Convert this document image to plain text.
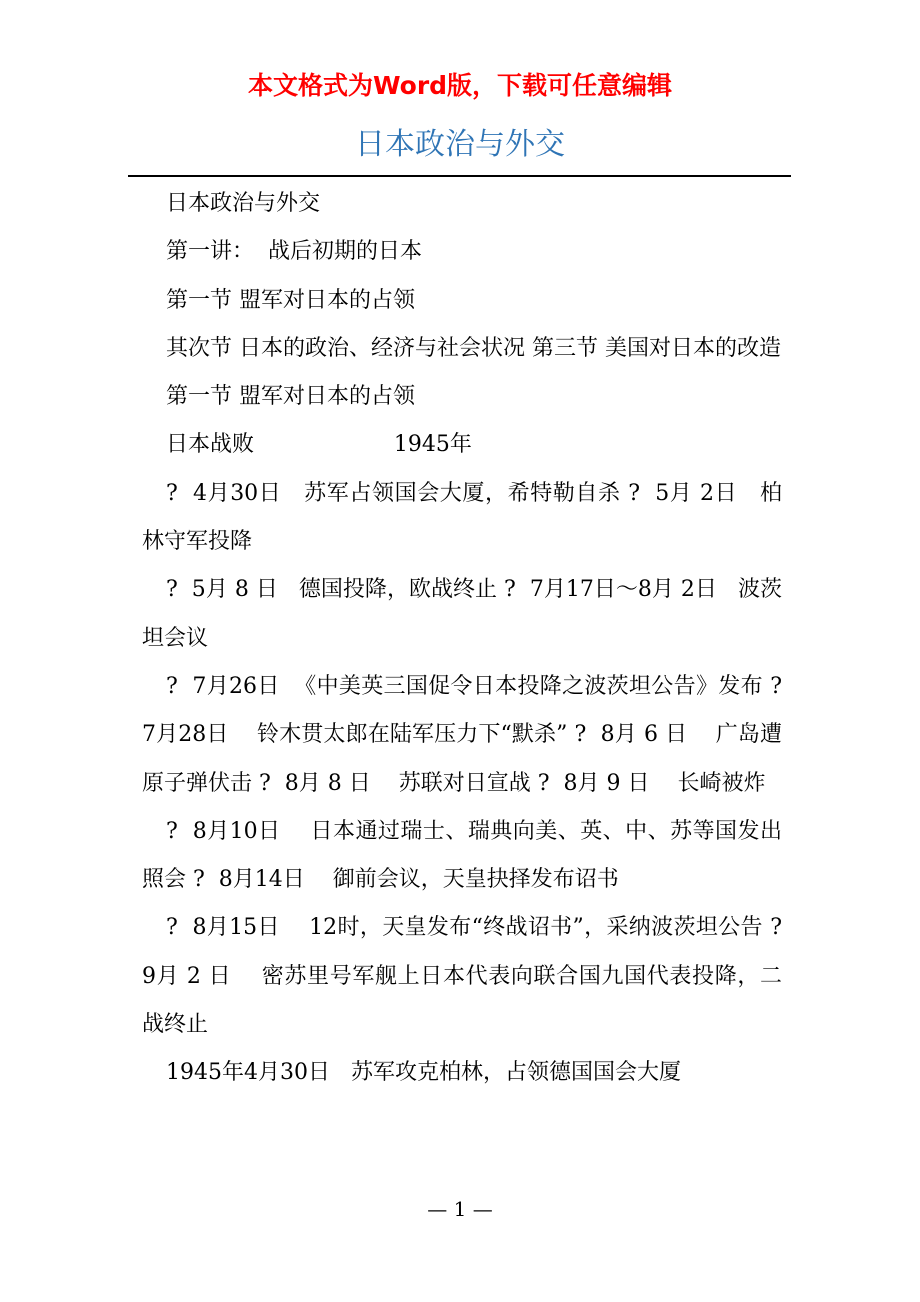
本文格式为Word版，下载可任意编辑
日本政治与外交

日本政治与外交

第一讲：  战后初期的日本

第一节 盟军对日本的占领

其次节 日本的政治、经济与社会状况 第三节 美国对日本的改造

第一节 盟军对日本的占领

日本战败                    1945年

?  4月30日   苏军占领国会大厦，希特勒自杀 ?  5月 2日   柏林守军投降

?  5月 8 日   德国投降，欧战终止 ?  7月17日～8月 2日   波茨坦会议

?  7月26日  《中美英三国促令日本投降之波茨坦公告》发布 ?  7月28日    铃木贯太郎在陆军压力下“默杀” ?  8月 6 日    广岛遭原子弹伏击 ?  8月 8 日    苏联对日宣战 ?  8月 9 日    长崎被炸

?  8月10日    日本通过瑞士、瑞典向美、英、中、苏等国发出照会 ?  8月14日    御前会议，天皇抉择发布诏书

?  8月15日    12时，天皇发布“终战诏书”，采纳波茨坦公告 ?  9月 2 日    密苏里号军舰上日本代表向联合国九国代表投降，二战终止

1945年4月30日   苏军攻克柏林，占领德国国会大厦

— 1 —
